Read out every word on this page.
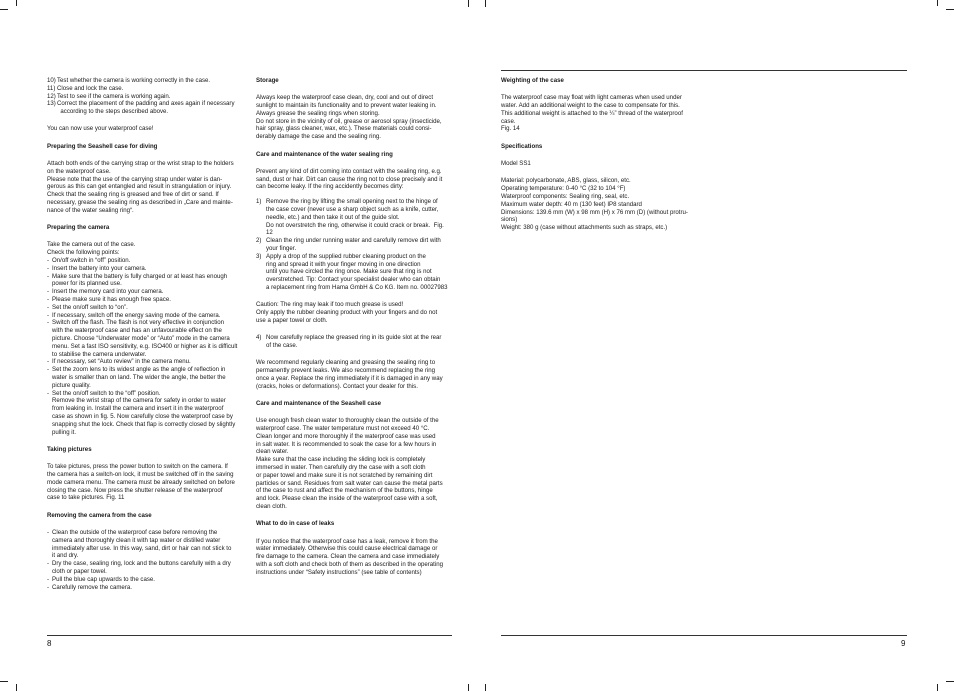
10) Test whether the camera is working correctly in the case.
11) Close and lock the case.
12) Test to see if the camera is working again.
13) Correct the placement of the padding and axes again if necessary
according to the steps described above.

You can now use your waterproof case!

Preparing the Seashell case for diving

Attach both ends of the carrying strap or the wrist strap to the holders
on the waterproof case.

Please note that the use of the carrying strap under water is dan-
gerous as this can get entangled and result in strangulation or injury.

Check that the sealing ring is greased and free of dirt or sand. If
necessary, grease the sealing ring as described in „Care and mainte-
nance of the water sealing ring“.

Preparing the camera

Take the camera out of the case.

Check the following points:

- On/off switch in “off” position.
- Insert the battery into your camera.
- Make sure that the battery is fully charged or at least has enough
power for its planned use.
- Insert the memory card into your camera.
- Please make sure it has enough free space.
- Set the on/off switch to “on”.
- If necessary, switch off the energy saving mode of the camera.
- Switch off the flash. The flash is not very effective in conjunction
with the waterproof case and has an unfavourable effect on the
picture. Choose “Underwater mode” or “Auto” mode in the camera
menu. Set a fast ISO sensitivity, e.g. ISO400 or higher as it is difficult
to stabilise the camera underwater.
- If necessary, set “Auto review” in the camera menu.
- Set the zoom lens to its widest angle as the angle of reflection in
water is smaller than on land. The wider the angle, the better the
picture quality.
- Set the on/off switch to the “off” position.
Remove the wrist strap of the camera for safety in order to water
from leaking in. Install the camera and insert it in the waterproof
case as shown in fig. 5. Now carefully close the waterproof case by
snapping shut the lock. Check that flap is correctly closed by slightly
pulling it.

Taking pictures

To take pictures, press the power button to switch on the camera. If
the camera has a switch-on lock, it must be switched off in the saving
mode camera menu. The camera must be already switched on before
closing the case. Now press the shutter release of the waterproof
case to take pictures. Fig. 11

Removing the camera from the case

- Clean the outside of the waterproof case before removing the
camera and thoroughly clean it with tap water or distilled water
immediately after use. In this way, sand, dirt or hair can not stick to
it and dry.
- Dry the case, sealing ring, lock and the buttons carefully with a dry
cloth or paper towel.
- Pull the blue cap upwards to the case.
- Carefully remove the camera.

Storage

Always keep the waterproof case clean, dry, cool and out of direct
sunlight to maintain its functionality and to prevent water leaking in.
Always grease the sealing rings when storing.

Do not store in the vicinity of oil, grease or aerosol spray (insecticide,
hair spray, glass cleaner, wax, etc.). These materials could consi-
derably damage the case and the sealing ring.

Care and maintenance of the water sealing ring

Prevent any kind of dirt coming into contact with the sealing ring, e.g.
sand, dust or hair. Dirt can cause the ring not to close precisely and it
can become leaky. If the ring accidently becomes dirty:

1) Remove the ring by lifting the small opening next to the hinge of
the case cover (never use a sharp object such as a knife, cutter,
needle, etc.) and then take it out of the guide slot.
Do not overstretch the ring, otherwise it could crack or break.  Fig.
12
2) Clean the ring under running water and carefully remove dirt with
your finger.
3) Apply a drop of the supplied rubber cleaning product on the
ring and spread it with your finger moving in one direction
until you have circled the ring once. Make sure that ring is not
overstretched. Tip: Contact your specialist dealer who can obtain
a replacement ring from Hama GmbH & Co KG. Item no. 00027983

Caution: The ring may leak if too much grease is used!

Only apply the rubber cleaning product with your fingers and do not
use a paper towel or cloth.

4) Now carefully replace the greased ring in its guide slot at the rear
of the case.

We recommend regularly cleaning and greasing the sealing ring to
permanently prevent leaks. We also recommend replacing the ring
once a year. Replace the ring immediately if it is damaged in any way
(cracks, holes or deformations). Contact your dealer for this.

Care and maintenance of the Seashell case

Use enough fresh clean water to thoroughly clean the outside of the
waterproof case. The water temperature must not exceed 40 °C.

Clean longer and more thoroughly if the waterproof case was used
in salt water. It is recommended to soak the case for a few hours in
clean water.

Make sure that the case including the sliding lock is completely
immersed in water. Then carefully dry the case with a soft cloth
or paper towel and make sure it is not scratched by remaining dirt
particles or sand. Residues from salt water can cause the metal parts
of the case to rust and affect the mechanism of the buttons, hinge
and lock. Please clean the inside of the waterproof case with a soft,
clean cloth.

What to do in case of leaks

If you notice that the waterproof case has a leak, remove it from the
water immediately. Otherwise this could cause electrical damage or
fire damage to the camera. Clean the camera and case immediately
with a soft cloth and check both of them as described in the operating
instructions under “Safety instructions” (see table of contents)

Weighting of the case

The waterproof case may float with light cameras when used under
water. Add an additional weight to the case to compensate for this.
This additional weight is attached to the ¼” thread of the waterproof
case.

Fig. 14

Specifications

Model SS1

Material: polycarbonate, ABS, glass, silicon, etc.

Operating temperature: 0-40 °C (32 to 104 °F)

Waterproof components: Sealing ring, seal, etc.

Maximum water depth: 40 m (130 feet) IP8 standard

Dimensions: 139.6 mm (W) x 98 mm (H) x 76 mm (D) (without protru-
sions)

Weight: 380 g (case without attachments such as straps, etc.)

8	9
